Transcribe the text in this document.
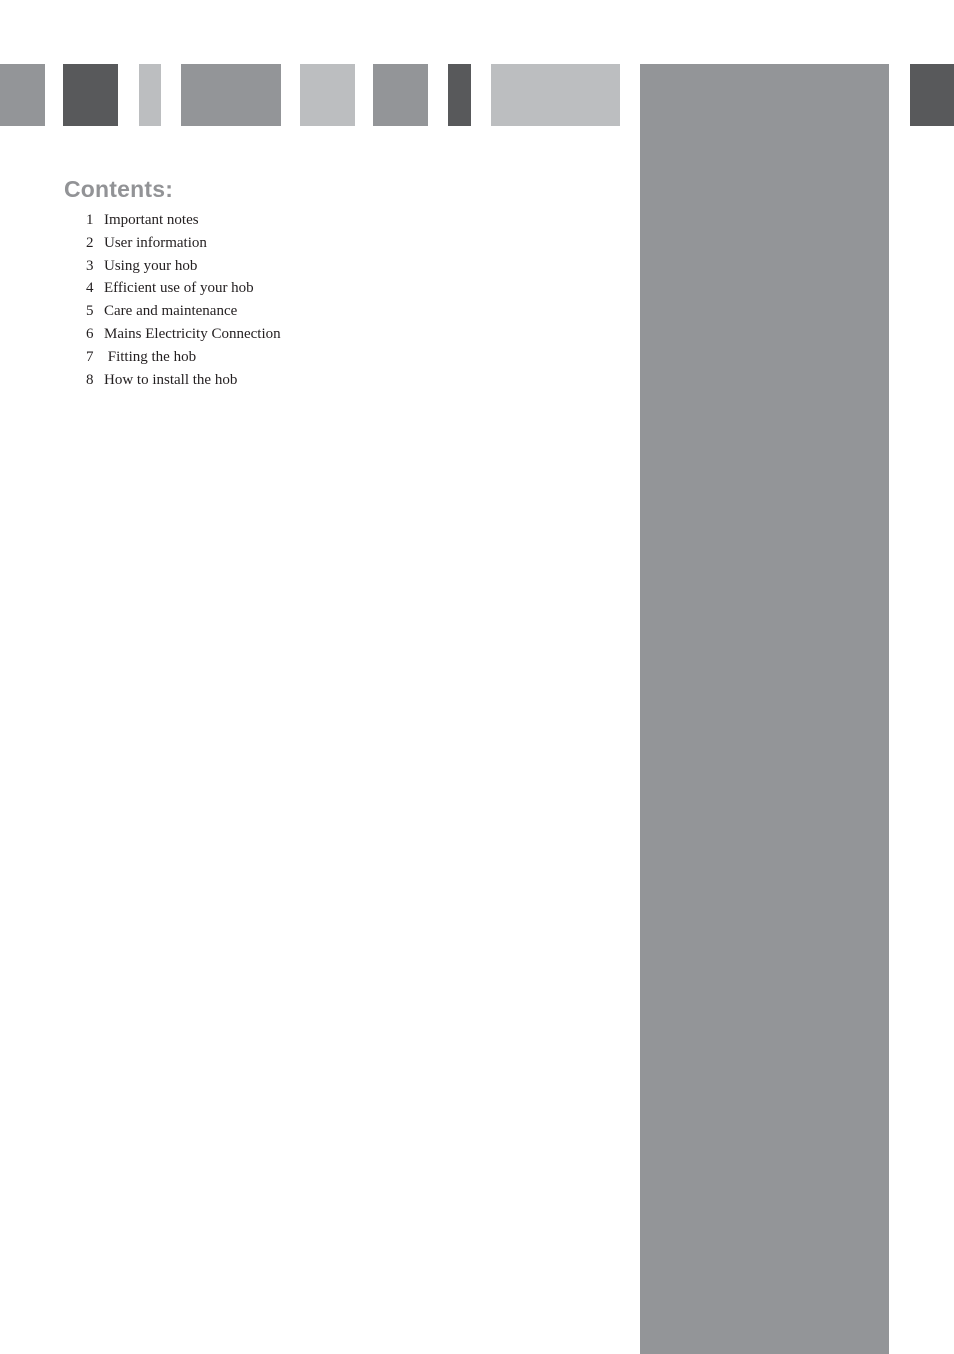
Contents:
1 Important notes
2 User information
3 Using your hob
4 Efficient use of your hob
5 Care and maintenance
6 Mains Electricity Connection
7 Fitting the hob
8 How to install the hob
